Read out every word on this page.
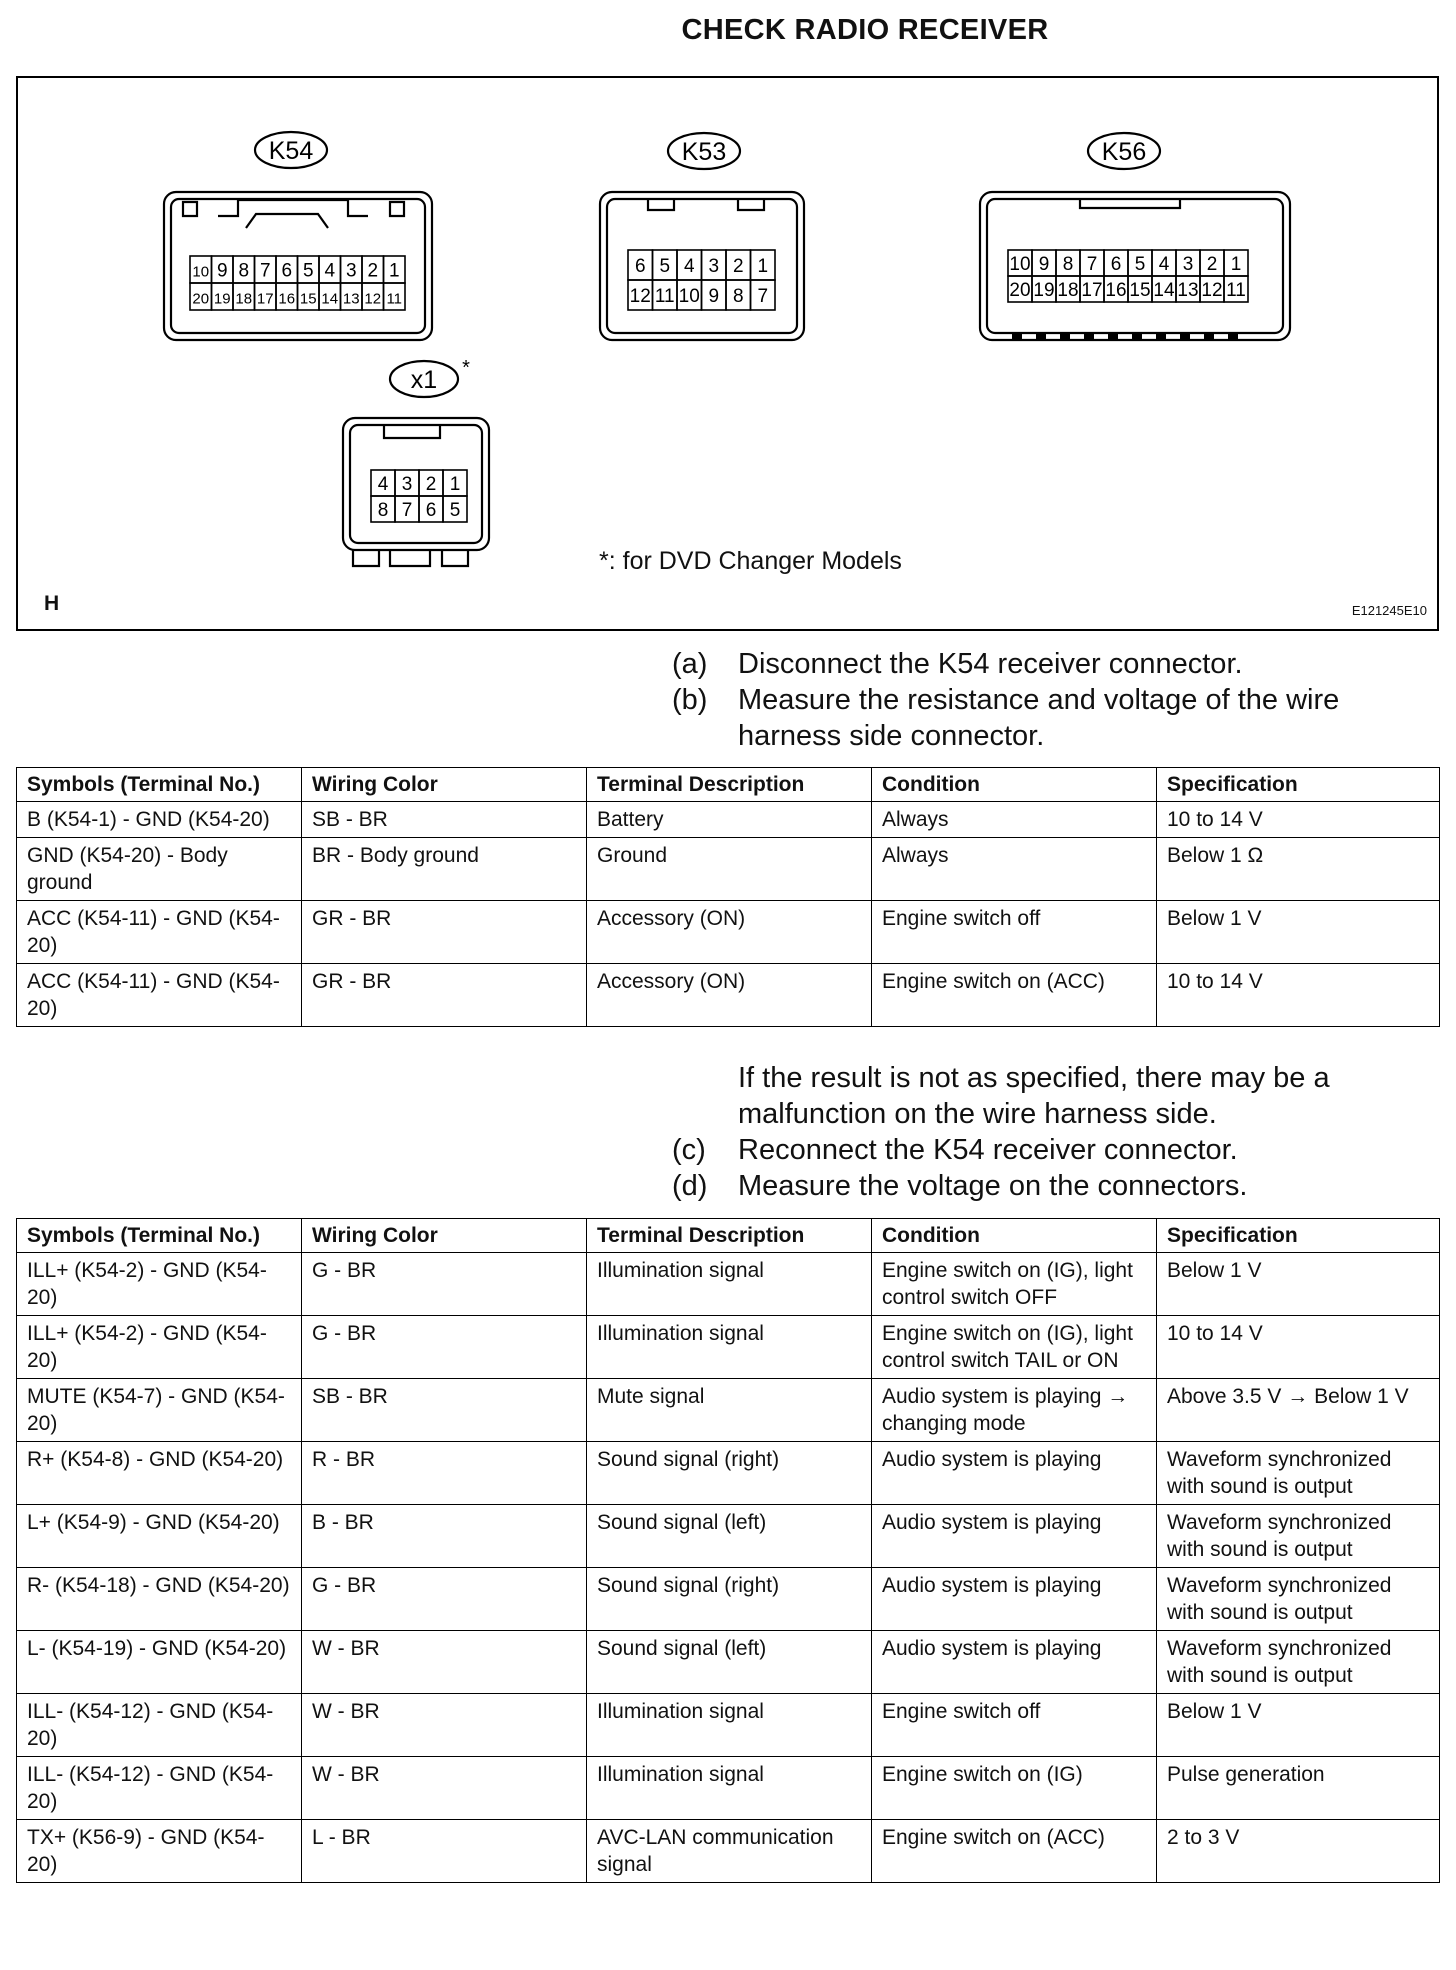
CHECK RADIO RECEIVER
10 9 8 7 6 5 4 3 2 1
20 19 18 17 16 15 14 13 12 11
6 5 4 3 2 1
12 11 10 9 8 7
10 9 8 7 6 5 4 3 2 1
20 19 18 17 16 15 14 13 12 11
4 3 2 1
8 7 6 5
K54	K53	K56
x1 *
*: for DVD Changer Models
H	E121245E10
(a)	Disconnect the K54 receiver connector.
(b)	Measure the resistance and voltage of the wire harness side connector.
Symbols (Terminal No.)	Wiring Color	Terminal Description	Condition	Specification
B (K54-1) - GND (K54-20)	SB - BR	Battery	Always	10 to 14 V
GND (K54-20) - Body ground	BR - Body ground	Ground	Always	Below 1 Ω
ACC (K54-11) - GND (K54-20)	GR - BR	Accessory (ON)	Engine switch off	Below 1 V
ACC (K54-11) - GND (K54-20)	GR - BR	Accessory (ON)	Engine switch on (ACC)	10 to 14 V
If the result is not as specified, there may be a malfunction on the wire harness side.
(c)	Reconnect the K54 receiver connector.
(d)	Measure the voltage on the connectors.
Symbols (Terminal No.)	Wiring Color	Terminal Description	Condition	Specification
ILL+ (K54-2) - GND (K54-20)	G - BR	Illumination signal	Engine switch on (IG), light control switch OFF	Below 1 V
ILL+ (K54-2) - GND (K54-20)	G - BR	Illumination signal	Engine switch on (IG), light control switch TAIL or ON	10 to 14 V
MUTE (K54-7) - GND (K54-20)	SB - BR	Mute signal	Audio system is playing → changing mode	Above 3.5 V → Below 1 V
R+ (K54-8) - GND (K54-20)	R - BR	Sound signal (right)	Audio system is playing	Waveform synchronized with sound is output
L+ (K54-9) - GND (K54-20)	B - BR	Sound signal (left)	Audio system is playing	Waveform synchronized with sound is output
R- (K54-18) - GND (K54-20)	G - BR	Sound signal (right)	Audio system is playing	Waveform synchronized with sound is output
L- (K54-19) - GND (K54-20)	W - BR	Sound signal (left)	Audio system is playing	Waveform synchronized with sound is output
ILL- (K54-12) - GND (K54-20)	W - BR	Illumination signal	Engine switch off	Below 1 V
ILL- (K54-12) - GND (K54-20)	W - BR	Illumination signal	Engine switch on (IG)	Pulse generation
TX+ (K56-9) - GND (K54-20)	L - BR	AVC-LAN communication signal	Engine switch on (ACC)	2 to 3 V
